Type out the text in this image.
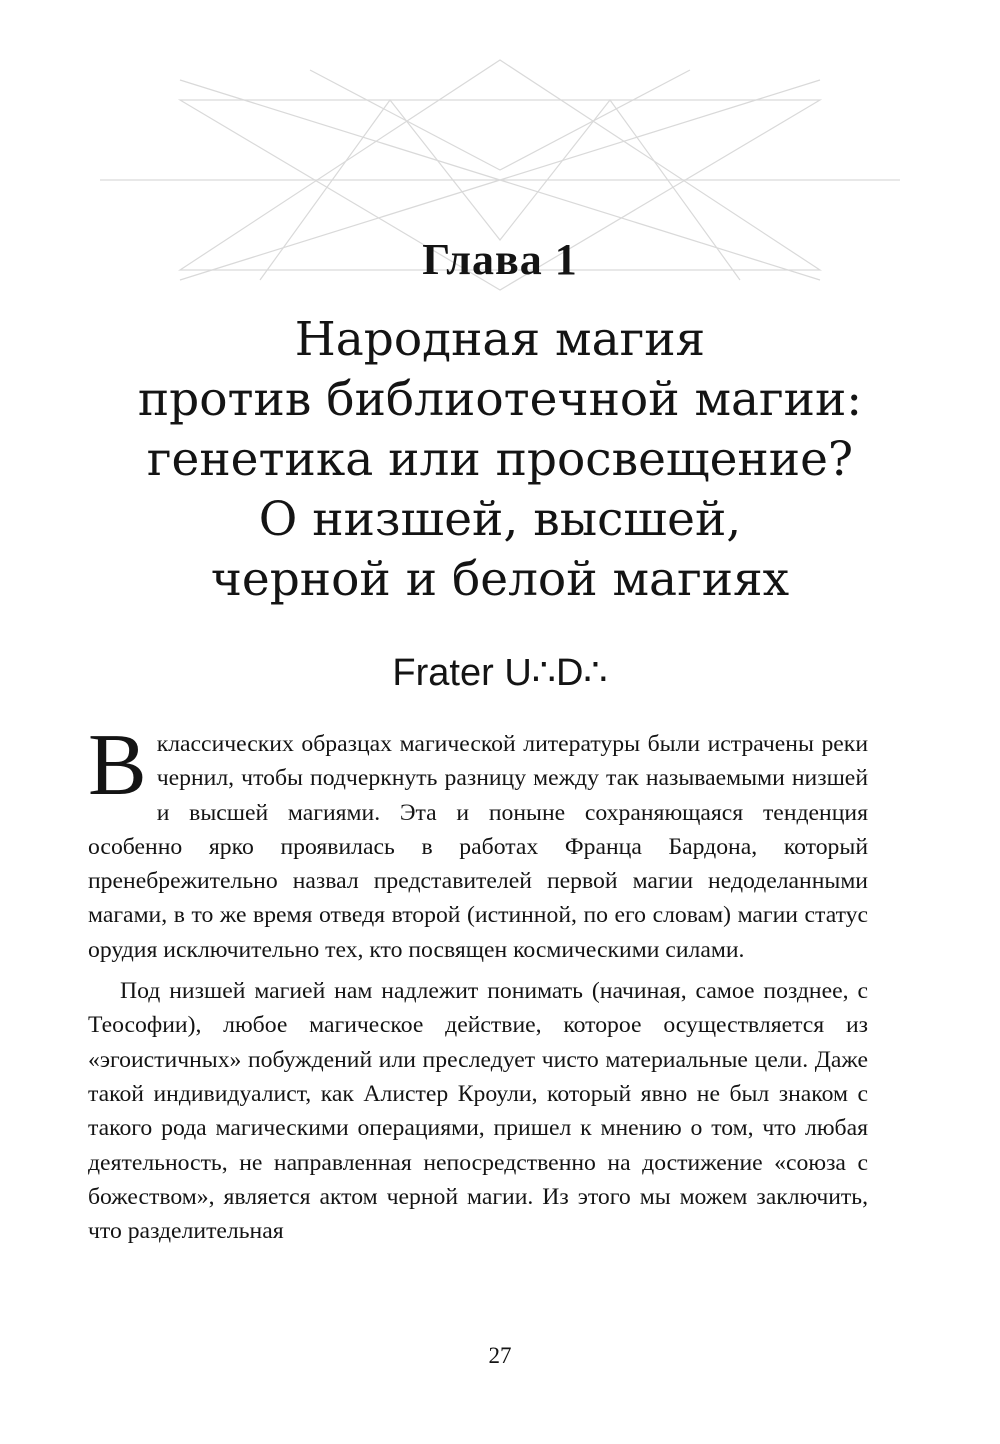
Глава 1
Народная магия
против библиотечной магии:
генетика или просвещение?
О низшей, высшей,
черной и белой магиях
Frater U∴D∴

В классических образцах магической литературы были истрачены реки чернил, чтобы подчеркнуть разницу между так называемыми низшей и высшей магиями. Эта и поныне сохраняющаяся тенденция особенно ярко проявилась в работах Франца Бардона, который пренебрежительно назвал представителей первой магии недоделанными магами, в то же время отведя второй (истинной, по его словам) магии статус орудия исключительно тех, кто посвящен космическими силами.

Под низшей магией нам надлежит понимать (начиная, самое позднее, с Теософии), любое магическое действие, которое осуществляется из «эгоистичных» побуждений или преследует чисто материальные цели. Даже такой индивидуалист, как Алистер Кроули, который явно не был знаком с такого рода магическими операциями, пришел к мнению о том, что любая деятельность, не направленная непосредственно на достижение «союза с божеством», является актом черной магии. Из этого мы можем заключить, что разделительная

27
